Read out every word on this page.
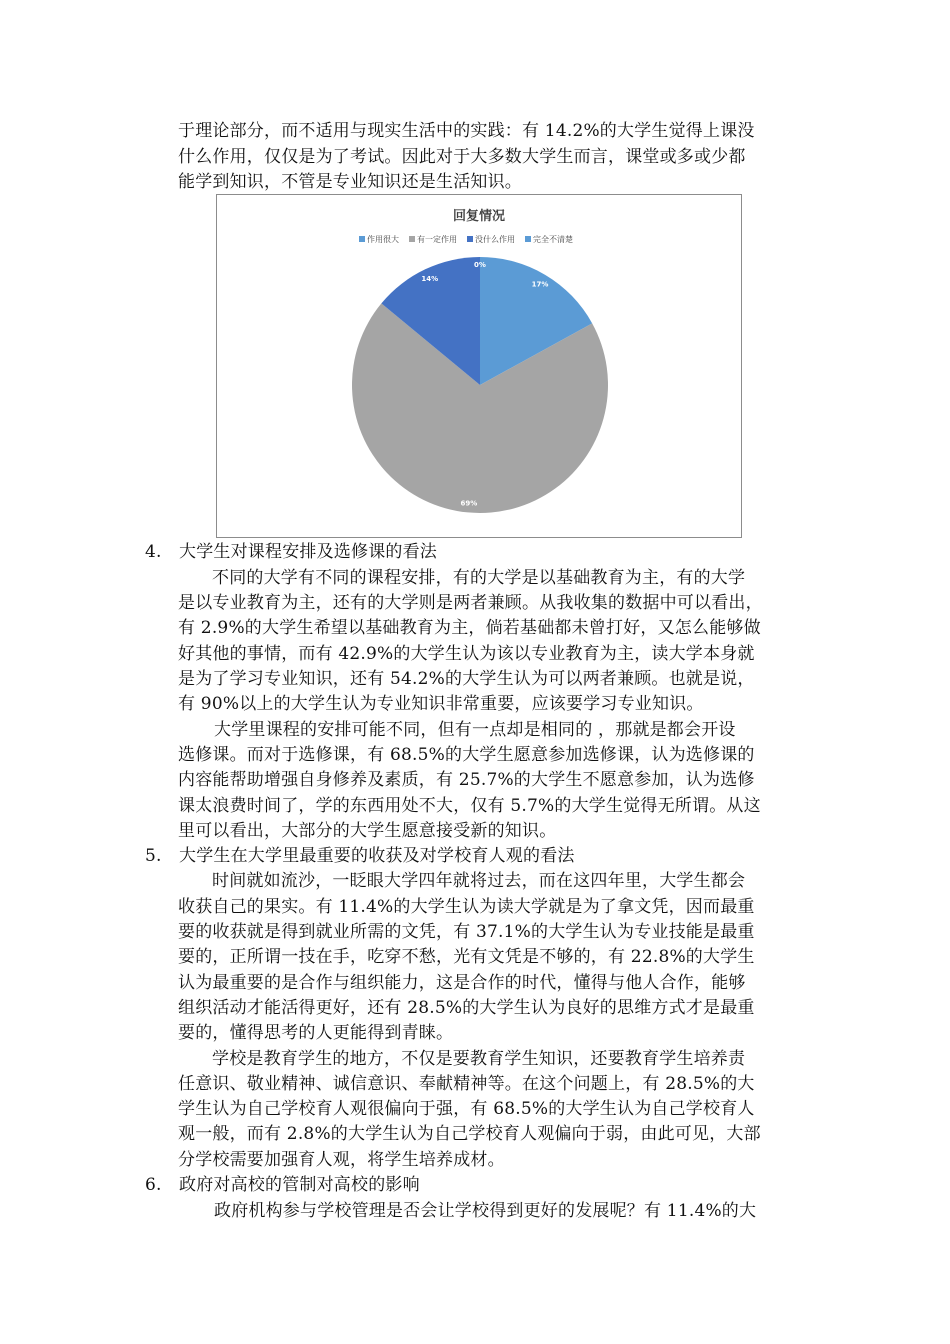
于理论部分，而不适用与现实生活中的实践：有 14.2%的大学生觉得上课没
什么作用，仅仅是为了考试。因此对于大多数大学生而言，课堂或多或少都
能学到知识，不管是专业知识还是生活知识。
回复情况
作用很大 有一定作用 没什么作用 完全不清楚
17%
69%
14%
0%
4. 大学生对课程安排及选修课的看法
不同的大学有不同的课程安排，有的大学是以基础教育为主，有的大学
是以专业教育为主，还有的大学则是两者兼顾。从我收集的数据中可以看出，
有 2.9%的大学生希望以基础教育为主，倘若基础都未曾打好，又怎么能够做
好其他的事情，而有 42.9%的大学生认为该以专业教育为主，读大学本身就
是为了学习专业知识，还有 54.2%的大学生认为可以两者兼顾。也就是说，
有 90%以上的大学生认为专业知识非常重要，应该要学习专业知识。
大学里课程的安排可能不同，但有一点却是相同的 ，那就是都会开设
选修课。而对于选修课，有 68.5%的大学生愿意参加选修课，认为选修课的
内容能帮助增强自身修养及素质，有 25.7%的大学生不愿意参加，认为选修
课太浪费时间了，学的东西用处不大，仅有 5.7%的大学生觉得无所谓。从这
里可以看出，大部分的大学生愿意接受新的知识。
5. 大学生在大学里最重要的收获及对学校育人观的看法
时间就如流沙，一眨眼大学四年就将过去，而在这四年里，大学生都会
收获自己的果实。有 11.4%的大学生认为读大学就是为了拿文凭，因而最重
要的收获就是得到就业所需的文凭，有 37.1%的大学生认为专业技能是最重
要的，正所谓一技在手，吃穿不愁，光有文凭是不够的，有 22.8%的大学生
认为最重要的是合作与组织能力，这是合作的时代，懂得与他人合作，能够
组织活动才能活得更好，还有 28.5%的大学生认为良好的思维方式才是最重
要的，懂得思考的人更能得到青睐。
学校是教育学生的地方，不仅是要教育学生知识，还要教育学生培养责
任意识、敬业精神、诚信意识、奉献精神等。在这个问题上，有 28.5%的大
学生认为自己学校育人观很偏向于强，有 68.5%的大学生认为自己学校育人
观一般，而有 2.8%的大学生认为自己学校育人观偏向于弱，由此可见，大部
分学校需要加强育人观，将学生培养成材。
6. 政府对高校的管制对高校的影响
政府机构参与学校管理是否会让学校得到更好的发展呢？有 11.4%的大
